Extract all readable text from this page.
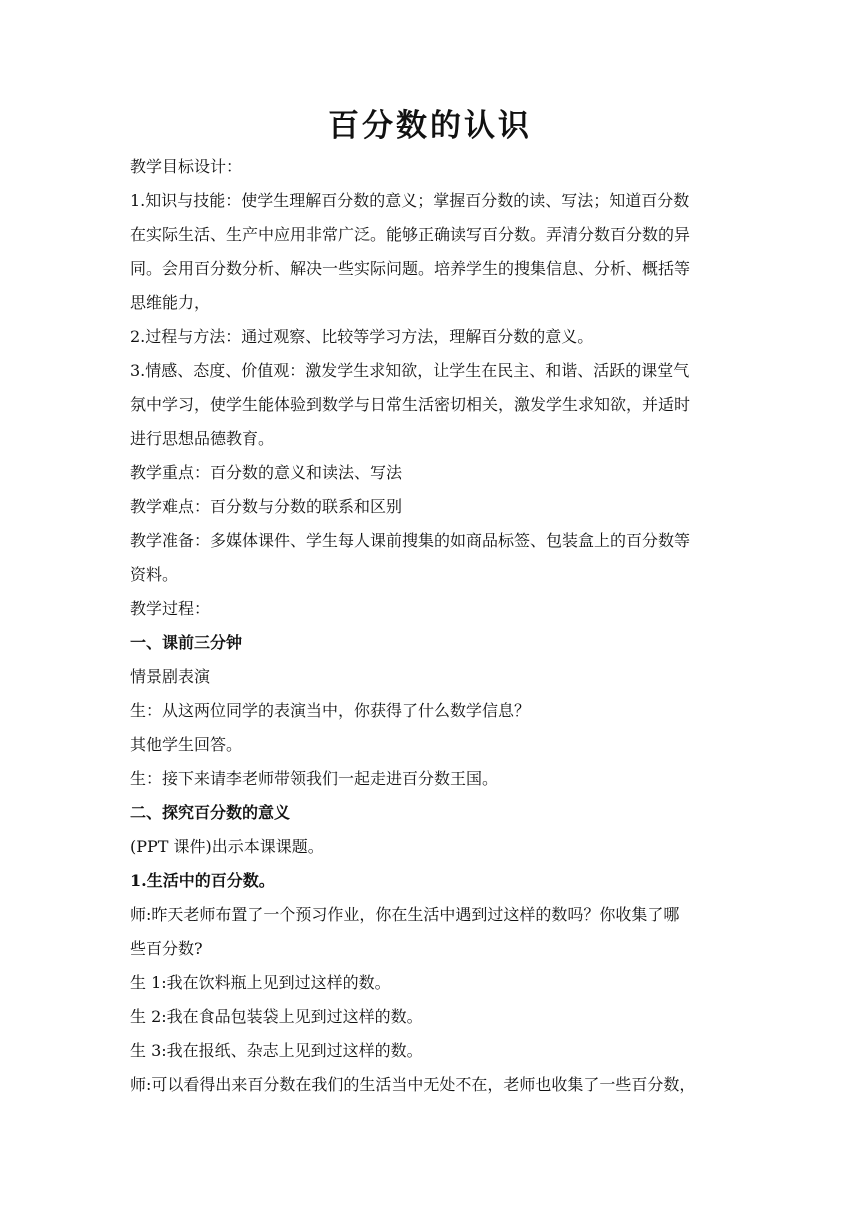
百分数的认识

教学目标设计：

1.知识与技能：使学生理解百分数的意义；掌握百分数的读、写法；知道百分数

在实际生活、生产中应用非常广泛。能够正确读写百分数。弄清分数百分数的异

同。会用百分数分析、解决一些实际问题。培养学生的搜集信息、分析、概括等

思维能力，

2.过程与方法：通过观察、比较等学习方法，理解百分数的意义。

3.情感、态度、价值观：激发学生求知欲，让学生在民主、和谐、活跃的课堂气

氛中学习，使学生能体验到数学与日常生活密切相关，激发学生求知欲，并适时

进行思想品德教育。

教学重点：百分数的意义和读法、写法

教学难点：百分数与分数的联系和区别

教学准备：多媒体课件、学生每人课前搜集的如商品标签、包装盒上的百分数等

资料。

教学过程：

一、课前三分钟

情景剧表演

生：从这两位同学的表演当中，你获得了什么数学信息？

其他学生回答。

生：接下来请李老师带领我们一起走进百分数王国。

二、探究百分数的意义

(PPT 课件)出示本课课题。

1.生活中的百分数。

师:昨天老师布置了一个预习作业，你在生活中遇到过这样的数吗？你收集了哪

些百分数?

生 1:我在饮料瓶上见到过这样的数。

生 2:我在食品包装袋上见到过这样的数。

生 3:我在报纸、杂志上见到过这样的数。

师:可以看得出来百分数在我们的生活当中无处不在，老师也收集了一些百分数，
